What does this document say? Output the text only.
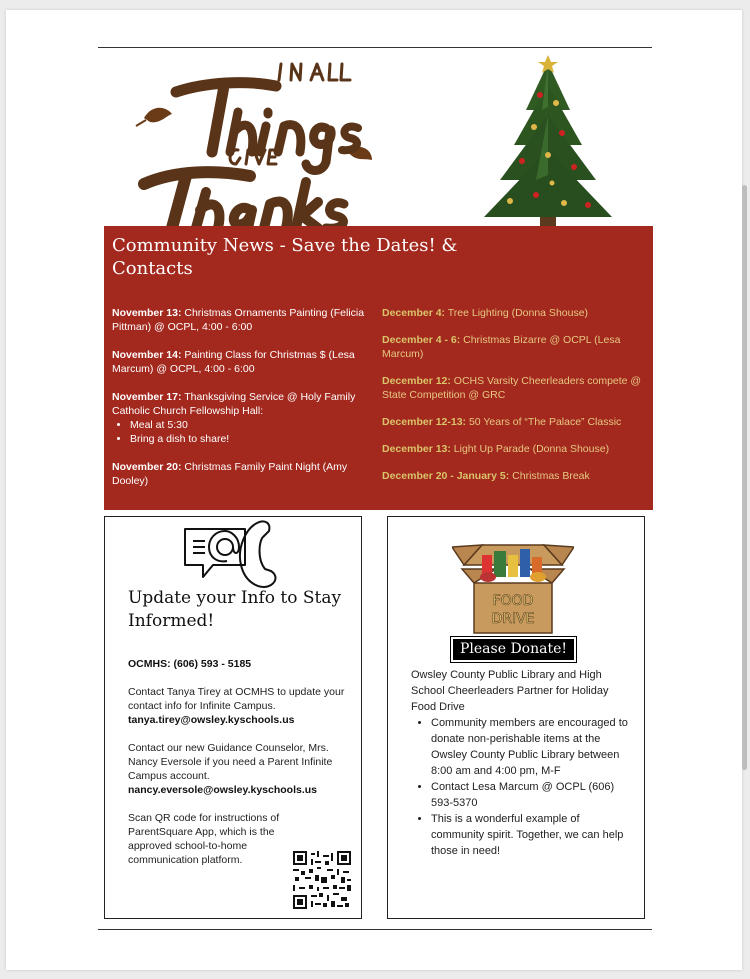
Community News - Save the Dates! & Contacts
November 13: Christmas Ornaments Painting (Felicia Pittman) @ OCPL, 4:00 - 6:00
November 14: Painting Class for Christmas $ (Lesa Marcum) @ OCPL, 4:00 - 6:00
November 17: Thanksgiving Service @ Holy Family Catholic Church Fellowship Hall:
• Meal at 5:30
• Bring a dish to share!
November 20: Christmas Family Paint Night (Amy Dooley)
December 4: Tree Lighting (Donna Shouse)
December 4 - 6: Christmas Bizarre @ OCPL (Lesa Marcum)
December 12: OCHS Varsity Cheerleaders compete @ State Competition @ GRC
December 12-13: 50 Years of “The Palace” Classic
December 13: Light Up Parade (Donna Shouse)
December 20 - January 5: Christmas Break
Update your Info to Stay Informed!

OCMHS: (606) 593 - 5185

Contact Tanya Tirey at OCMHS to update your contact info for Infinite Campus.
tanya.tirey@owsley.kyschools.us

Contact our new Guidance Counselor, Mrs. Nancy Eversole if you need a Parent Infinite Campus account.
nancy.eversole@owsley.kyschools.us

Scan QR code for instructions of ParentSquare App, which is the approved school-to-home communication platform.

FOOD
DRIVE
Please Donate!
Owsley County Public Library and High School Cheerleaders Partner for Holiday Food Drive
• Community members are encouraged to donate non-perishable items at the Owsley County Public Library between 8:00 am and 4:00 pm, M-F
• Contact Lesa Marcum @ OCPL (606) 593-5370
• This is a wonderful example of community spirit. Together, we can help those in need!
